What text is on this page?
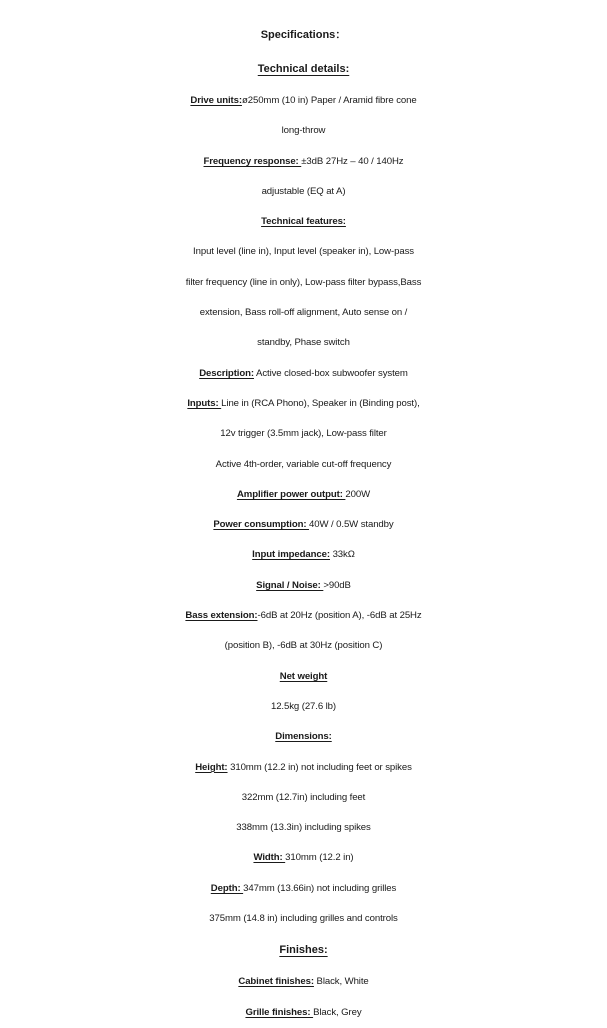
Specifications：
Technical details:
Drive units:ø250mm (10 in) Paper / Aramid fibre cone
long-throw
Frequency response: ±3dB 27Hz – 40 / 140Hz
adjustable (EQ at A)
Technical features:
Input level (line in), Input level (speaker in), Low-pass
filter frequency (line in only), Low-pass filter bypass,Bass
extension, Bass roll-off alignment, Auto sense on /
standby, Phase switch
Description: Active closed-box subwoofer system
Inputs: Line in (RCA Phono), Speaker in (Binding post),
12v trigger (3.5mm jack), Low-pass filter
Active 4th-order, variable cut-off frequency
Amplifier power output: 200W
Power consumption: 40W / 0.5W standby
Input impedance: 33kΩ
Signal / Noise: >90dB
Bass extension:-6dB at 20Hz (position A), -6dB at 25Hz
(position B), -6dB at 30Hz (position C)
Net weight
12.5kg (27.6 lb)
Dimensions:
Height: 310mm (12.2 in) not including feet or spikes
322mm (12.7in) including feet
338mm (13.3in) including spikes
Width: 310mm (12.2 in)
Depth: 347mm (13.66in) not including grilles
375mm (14.8 in) including grilles and controls
Finishes:
Cabinet finishes: Black, White
Grille finishes: Black, Grey
